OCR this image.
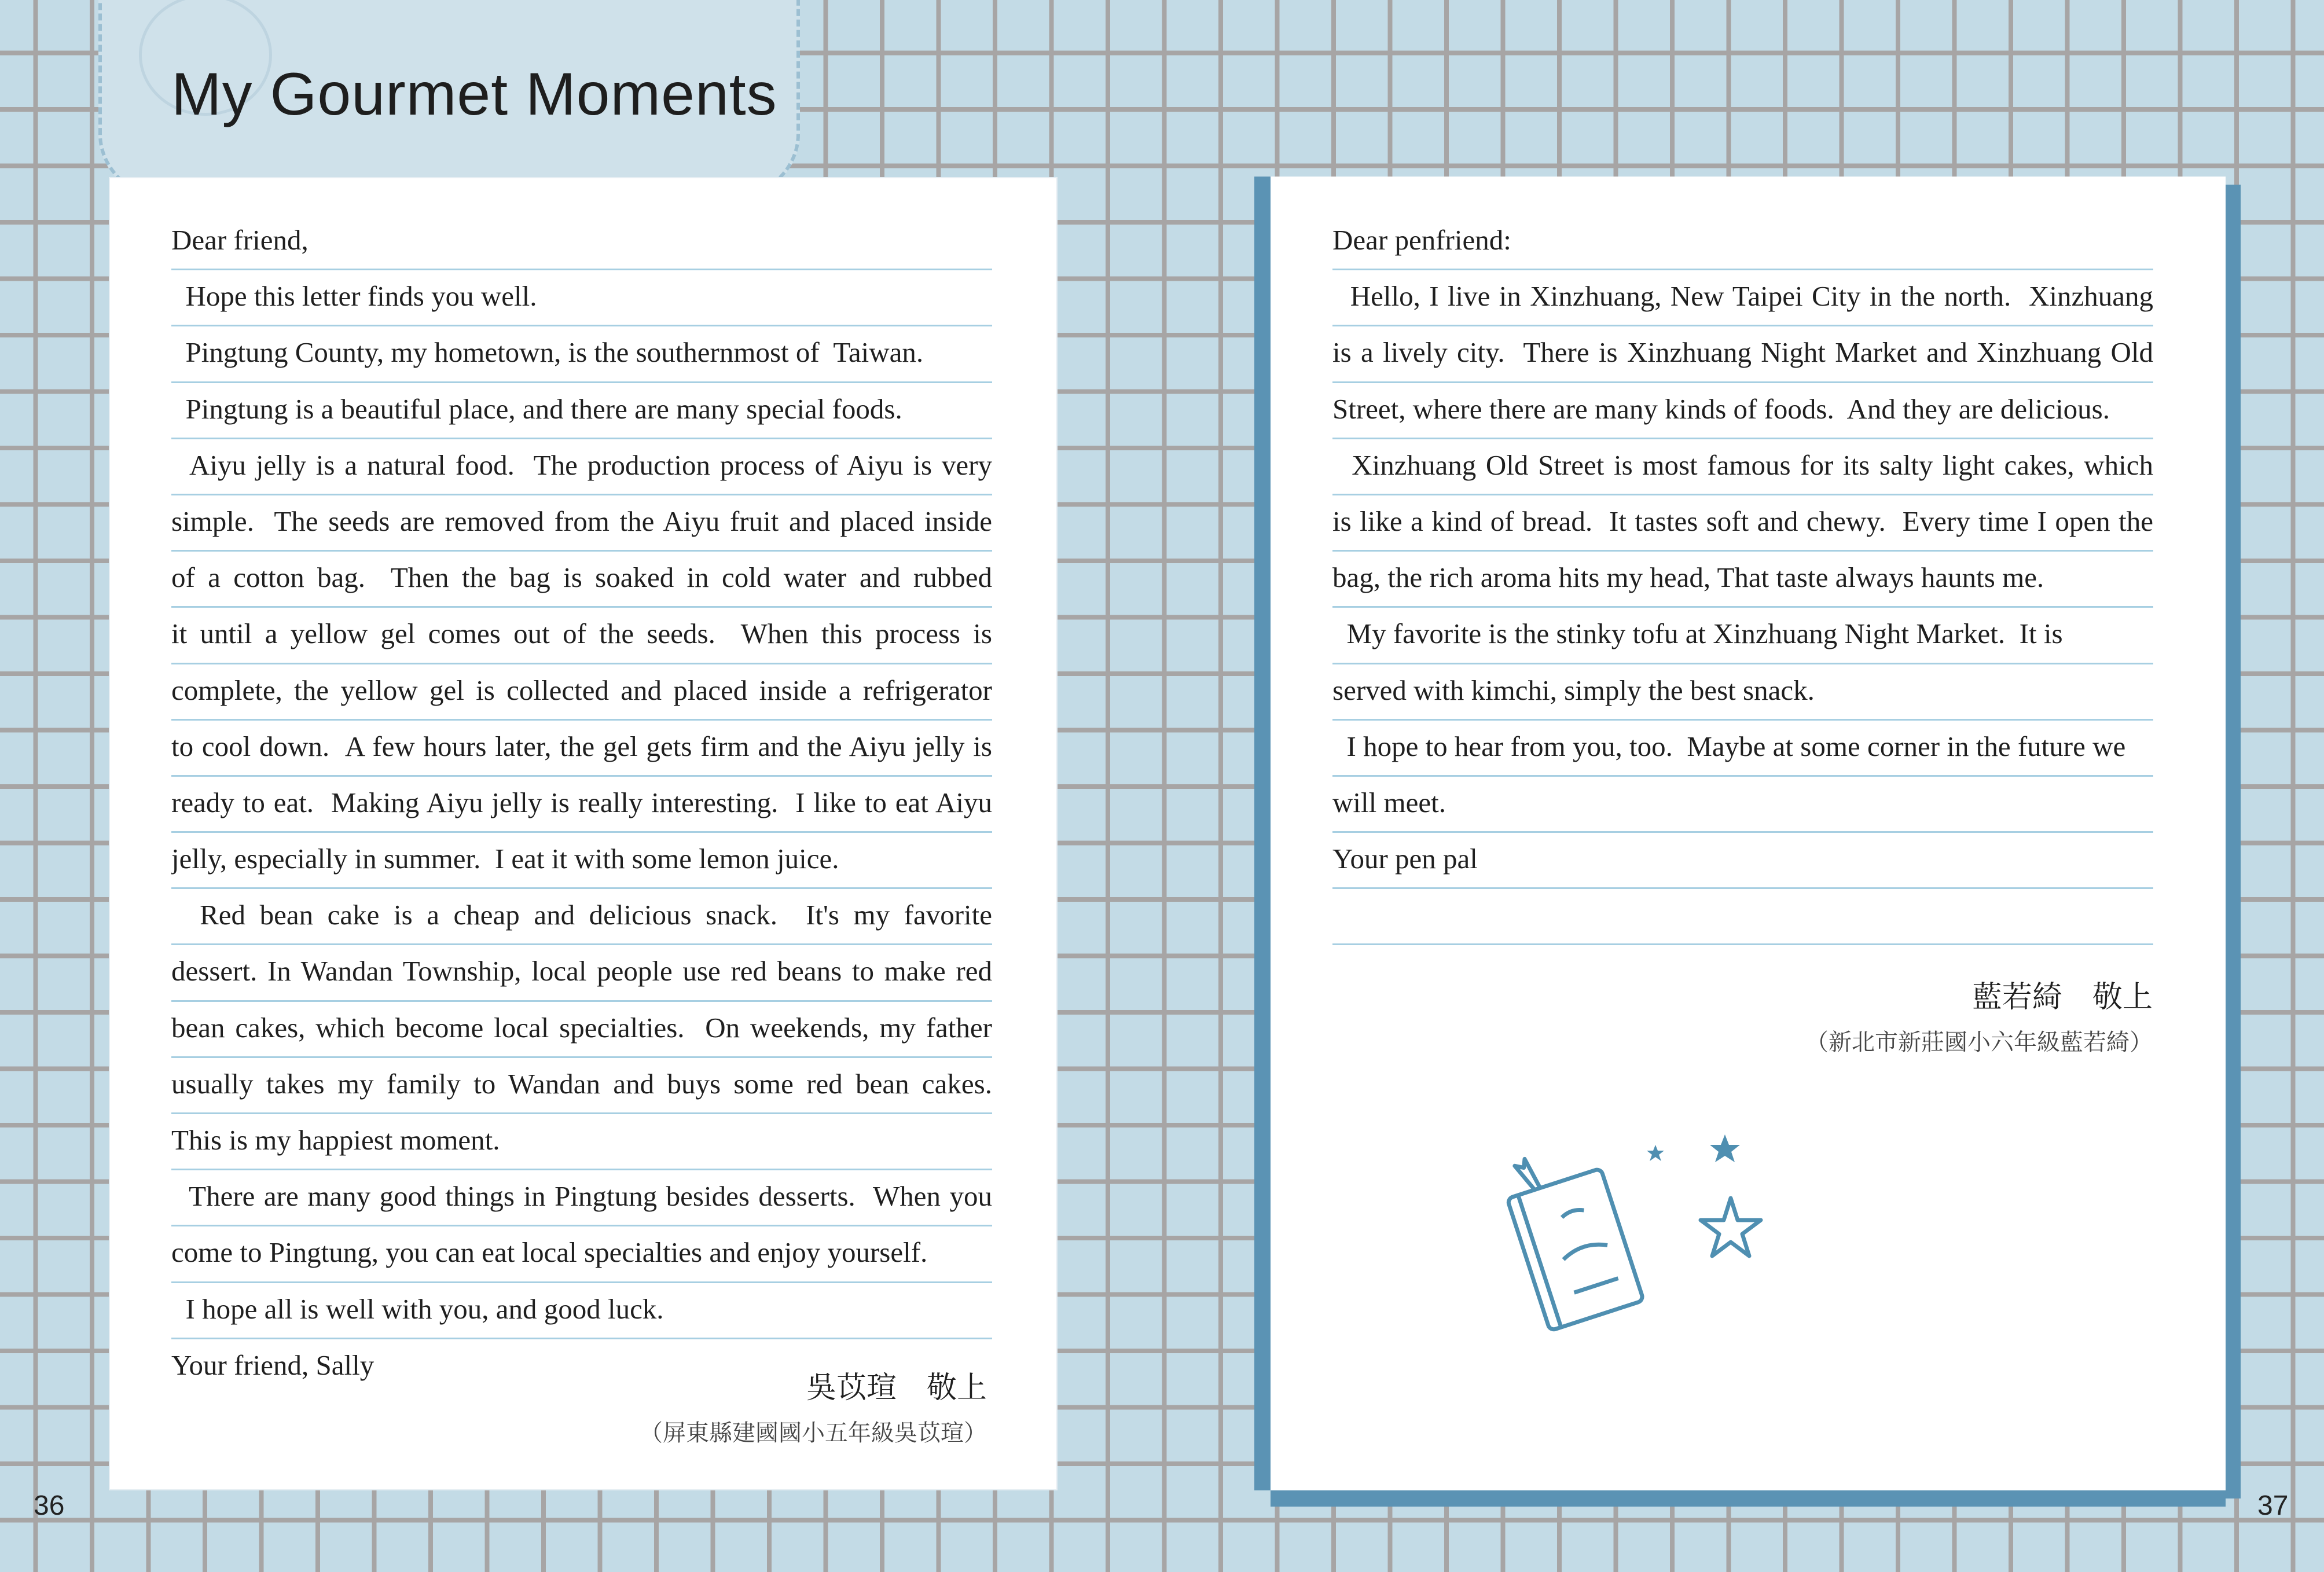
My Gourmet Moments
Dear friend,
Hope this letter finds you well.
Pingtung County, my hometown, is the southernmost of  Taiwan.
Pingtung is a beautiful place, and there are many special foods.
Aiyu jelly is a natural food.  The production process of Aiyu is very
simple.  The seeds are removed from the Aiyu fruit and placed inside
of a cotton bag.  Then the bag is soaked in cold water and rubbed
it until a yellow gel comes out of the seeds.  When this process is
complete, the yellow gel is collected and placed inside a refrigerator
to cool down.  A few hours later, the gel gets firm and the Aiyu jelly is
ready to eat.  Making Aiyu jelly is really interesting.  I like to eat Aiyu
jelly, especially in summer.  I eat it with some lemon juice.
Red bean cake is a cheap and delicious snack.  It's my favorite
dessert. In Wandan Township, local people use red beans to make red
bean cakes, which become local specialties.  On weekends, my father
usually takes my family to Wandan and buys some red bean cakes.
This is my happiest moment.
There are many good things in Pingtung besides desserts.  When you
come to Pingtung, you can eat local specialties and enjoy yourself.
I hope all is well with you, and good luck.
Your friend, Sally
吳苡瑄　敬上
（屏東縣建國國小五年級吳苡瑄）
Dear penfriend:
Hello, I live in Xinzhuang, New Taipei City in the north.  Xinzhuang
is a lively city.  There is Xinzhuang Night Market and Xinzhuang Old
Street, where there are many kinds of foods.  And they are delicious.
Xinzhuang Old Street is most famous for its salty light cakes, which
is like a kind of bread.  It tastes soft and chewy.  Every time I open the
bag, the rich aroma hits my head, That taste always haunts me.
My favorite is the stinky tofu at Xinzhuang Night Market.  It is
served with kimchi, simply the best snack.
I hope to hear from you, too.  Maybe at some corner in the future we
will meet.
Your pen pal
藍若綺　敬上
（新北市新莊國小六年級藍若綺）
36	37
